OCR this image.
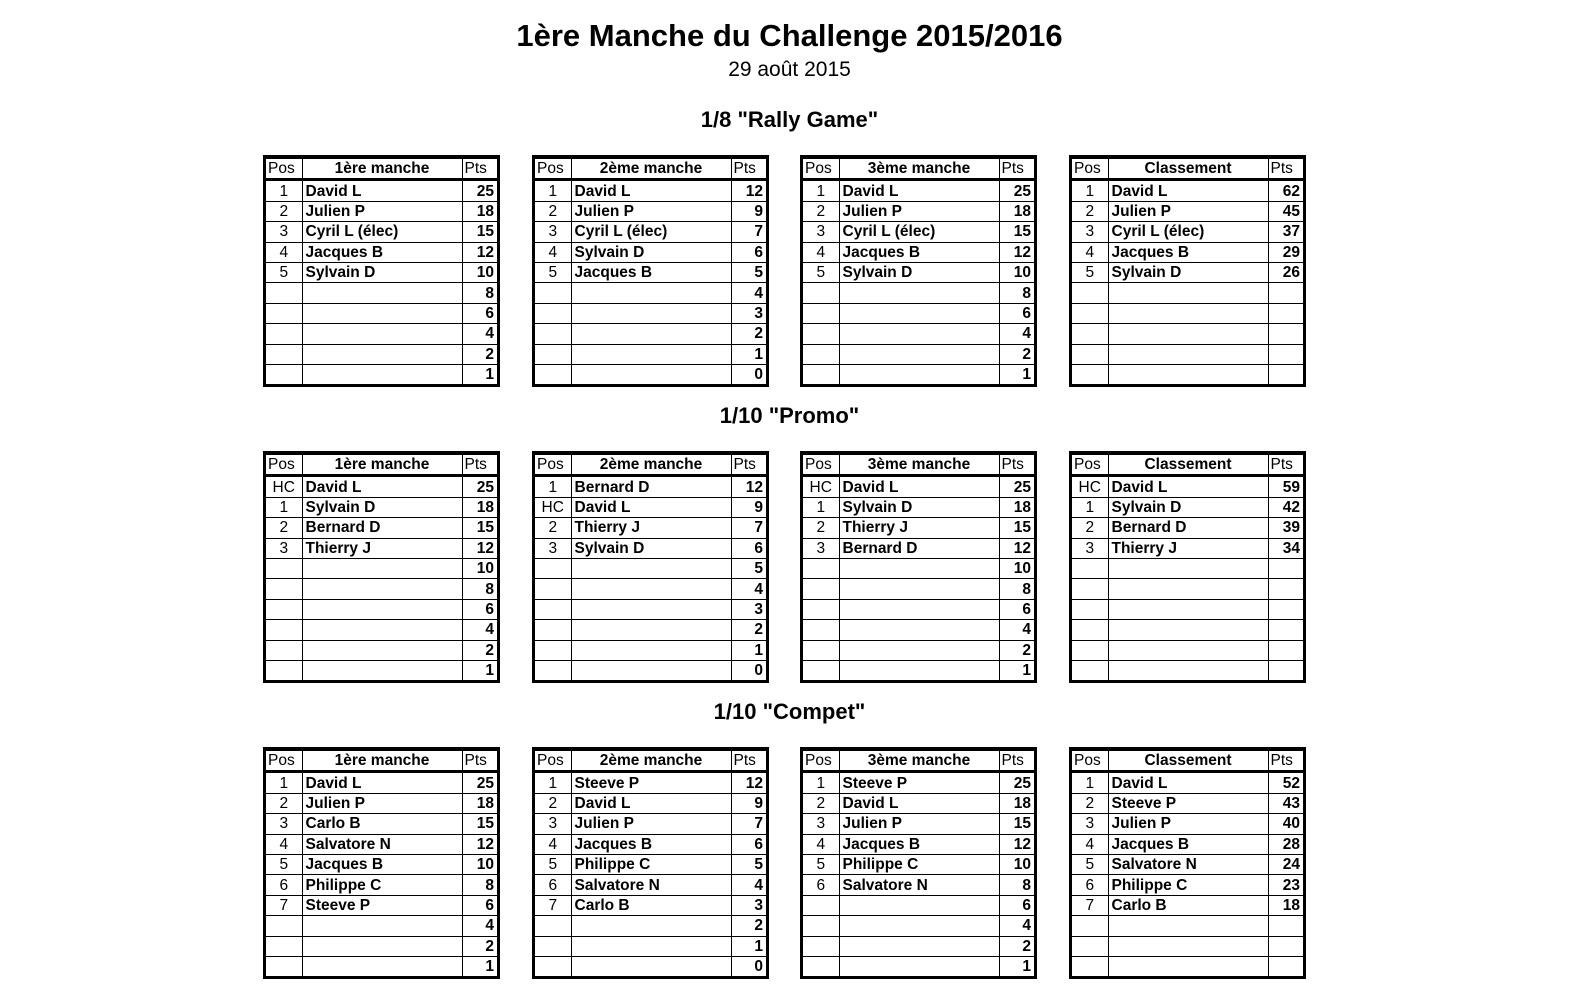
1ère Manche du Challenge 2015/2016
29 août 2015
1/8 "Rally Game"
Pos	1ère manche	Pts
1	David L	25
2	Julien P	18
3	Cyril L (élec)	15
4	Jacques B	12
5	Sylvain D	10
		8
		6
		4
		2
		1
Pos	2ème manche	Pts
1	David L	12
2	Julien P	9
3	Cyril L (élec)	7
4	Sylvain D	6
5	Jacques B	5
		4
		3
		2
		1
		0
Pos	3ème manche	Pts
1	David L	25
2	Julien P	18
3	Cyril L (élec)	15
4	Jacques B	12
5	Sylvain D	10
		8
		6
		4
		2
		1
Pos	Classement	Pts
1	David L	62
2	Julien P	45
3	Cyril L (élec)	37
4	Jacques B	29
5	Sylvain D	26

1/10 "Promo"
Pos	1ère manche	Pts
HC	David L	25
1	Sylvain D	18
2	Bernard D	15
3	Thierry J	12
		10
		8
		6
		4
		2
		1
Pos	2ème manche	Pts
1	Bernard D	12
HC	David L	9
2	Thierry J	7
3	Sylvain D	6
		5
		4
		3
		2
		1
		0
Pos	3ème manche	Pts
HC	David L	25
1	Sylvain D	18
2	Thierry J	15
3	Bernard D	12
		10
		8
		6
		4
		2
		1
Pos	Classement	Pts
HC	David L	59
1	Sylvain D	42
2	Bernard D	39
3	Thierry J	34

1/10 "Compet"
Pos	1ère manche	Pts
1	David L	25
2	Julien P	18
3	Carlo B	15
4	Salvatore N	12
5	Jacques B	10
6	Philippe C	8
7	Steeve P	6
		4
		2
		1
Pos	2ème manche	Pts
1	Steeve P	12
2	David L	9
3	Julien P	7
4	Jacques B	6
5	Philippe C	5
6	Salvatore N	4
7	Carlo B	3
		2
		1
		0
Pos	3ème manche	Pts
1	Steeve P	25
2	David L	18
3	Julien P	15
4	Jacques B	12
5	Philippe C	10
6	Salvatore N	8
		6
		4
		2
		1
Pos	Classement	Pts
1	David L	52
2	Steeve P	43
3	Julien P	40
4	Jacques B	28
5	Salvatore N	24
6	Philippe C	23
7	Carlo B	18
